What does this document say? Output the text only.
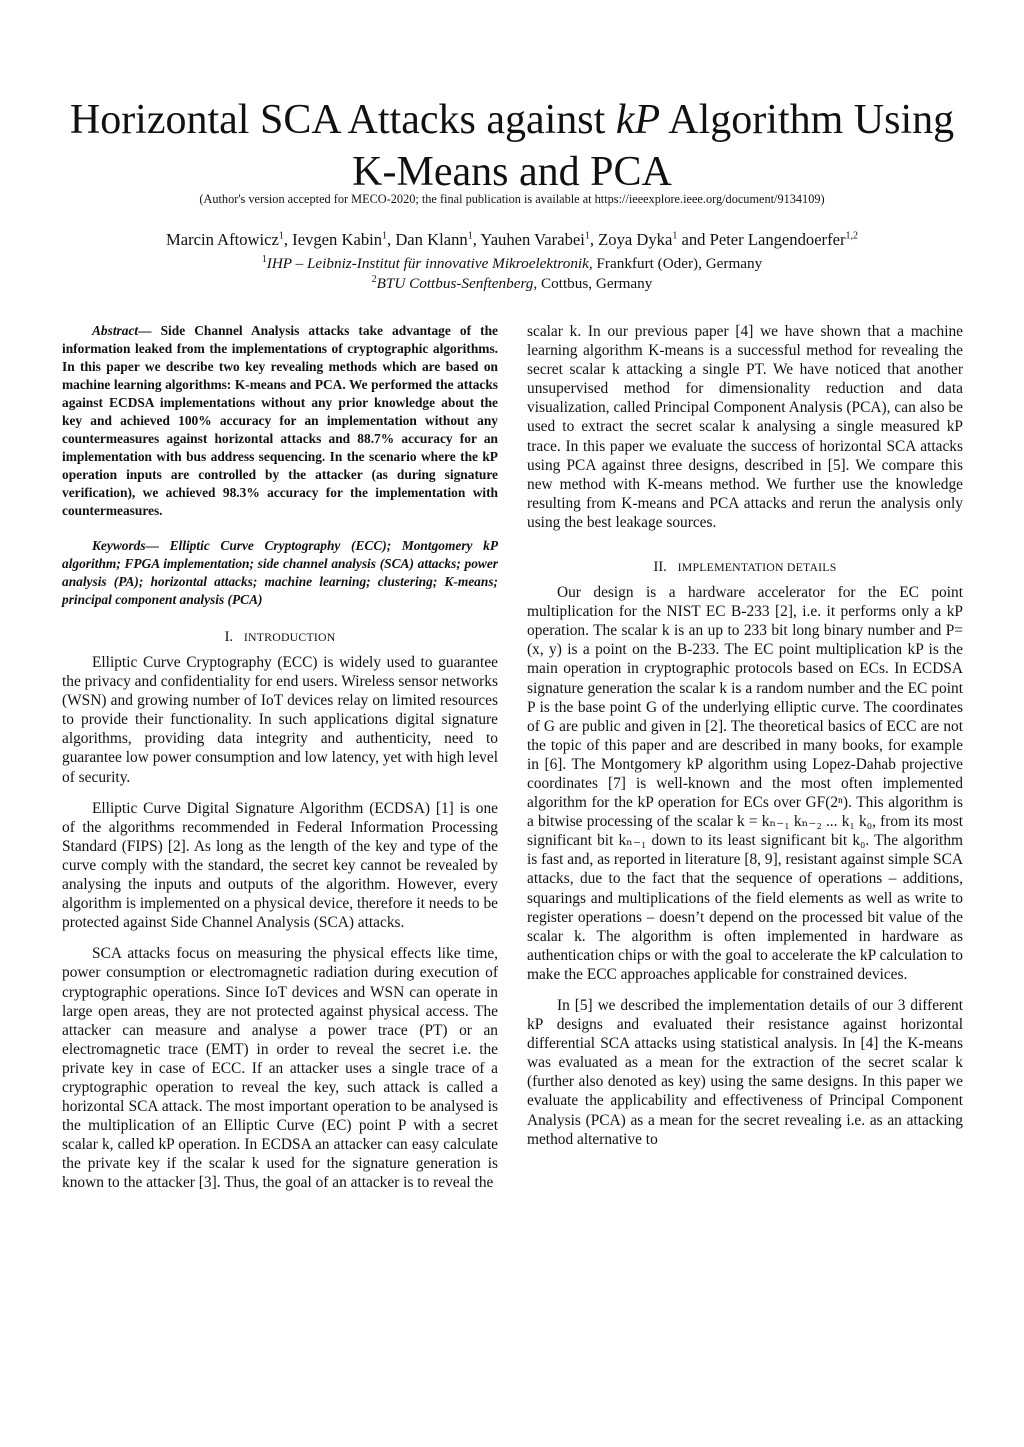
Horizontal SCA Attacks against kP Algorithm Using
K-Means and PCA
(Author's version accepted for MECO-2020; the final publication is available at https://ieeexplore.ieee.org/document/9134109)
Marcin Aftowicz$^1$, Ievgen Kabin$^1$, Dan Klann$^1$, Yauhen Varabei$^1$, Zoya Dyka$^1$ and Peter Langendoerfer$^{1,2}$
$^1$IHP – Leibniz-Institut für innovative Mikroelektronik, Frankfurt (Oder), Germany
$^2$BTU Cottbus-Senftenberg, Cottbus, Germany

Abstract— Side Channel Analysis attacks take advantage of the information leaked from the implementations of cryptographic algorithms. In this paper we describe two key revealing methods which are based on machine learning algorithms: K-means and PCA. We performed the attacks against ECDSA implementations without any prior knowledge about the key and achieved 100% accuracy for an implementation without any countermeasures against horizontal attacks and 88.7% accuracy for an implementation with bus address sequencing. In the scenario where the kP operation inputs are controlled by the attacker (as during signature verification), we achieved 98.3% accuracy for the implementation with countermeasures.

Keywords— Elliptic Curve Cryptography (ECC); Montgomery kP algorithm; FPGA implementation; side channel analysis (SCA) attacks; power analysis (PA); horizontal attacks; machine learning; clustering; K-means; principal component analysis (PCA)

I. INTRODUCTION

Elliptic Curve Cryptography (ECC) is widely used to guarantee the privacy and confidentiality for end users. Wireless sensor networks (WSN) and growing number of IoT devices relay on limited resources to provide their functionality. In such applications digital signature algorithms, providing data integrity and authenticity, need to guarantee low power consumption and low latency, yet with high level of security.

Elliptic Curve Digital Signature Algorithm (ECDSA) [1] is one of the algorithms recommended in Federal Information Processing Standard (FIPS) [2]. As long as the length of the key and type of the curve comply with the standard, the secret key cannot be revealed by analysing the inputs and outputs of the algorithm. However, every algorithm is implemented on a physical device, therefore it needs to be protected against Side Channel Analysis (SCA) attacks.

SCA attacks focus on measuring the physical effects like time, power consumption or electromagnetic radiation during execution of cryptographic operations. Since IoT devices and WSN can operate in large open areas, they are not protected against physical access. The attacker can measure and analyse a power trace (PT) or an electromagnetic trace (EMT) in order to reveal the secret i.e. the private key in case of ECC. If an attacker uses a single trace of a cryptographic operation to reveal the key, such attack is called a horizontal SCA attack. The most important operation to be analysed is the multiplication of an Elliptic Curve (EC) point P with a secret scalar k, called kP operation. In ECDSA an attacker can easy calculate the private key if the scalar k used for the signature generation is known to the attacker [3]. Thus, the goal of an attacker is to reveal the

scalar k. In our previous paper [4] we have shown that a machine learning algorithm K-means is a successful method for revealing the secret scalar k attacking a single PT. We have noticed that another unsupervised method for dimensionality reduction and data visualization, called Principal Component Analysis (PCA), can also be used to extract the secret scalar k analysing a single measured kP trace. In this paper we evaluate the success of horizontal SCA attacks using PCA against three designs, described in [5]. We compare this new method with K-means method. We further use the knowledge resulting from K-means and PCA attacks and rerun the analysis only using the best leakage sources.

II. IMPLEMENTATION DETAILS

Our design is a hardware accelerator for the EC point multiplication for the NIST EC B-233 [2], i.e. it performs only a kP operation. The scalar k is an up to 233 bit long binary number and P=(x, y) is a point on the B-233. The EC point multiplication kP is the main operation in cryptographic protocols based on ECs. In ECDSA signature generation the scalar k is a random number and the EC point P is the base point G of the underlying elliptic curve. The coordinates of G are public and given in [2]. The theoretical basics of ECC are not the topic of this paper and are described in many books, for example in [6]. The Montgomery kP algorithm using Lopez-Dahab projective coordinates [7] is well-known and the most often implemented algorithm for the kP operation for ECs over GF(2ⁿ). This algorithm is a bitwise processing of the scalar k = kₙ₋₁ kₙ₋₂ ... k₁ k₀, from its most significant bit kₙ₋₁ down to its least significant bit k₀. The algorithm is fast and, as reported in literature [8, 9], resistant against simple SCA attacks, due to the fact that the sequence of operations – additions, squarings and multiplications of the field elements as well as write to register operations – doesn’t depend on the processed bit value of the scalar k. The algorithm is often implemented in hardware as authentication chips or with the goal to accelerate the kP calculation to make the ECC approaches applicable for constrained devices.

In [5] we described the implementation details of our 3 different kP designs and evaluated their resistance against horizontal differential SCA attacks using statistical analysis. In [4] the K-means was evaluated as a mean for the extraction of the secret scalar k (further also denoted as key) using the same designs. In this paper we evaluate the applicability and effectiveness of Principal Component Analysis (PCA) as a mean for the secret revealing i.e. as an attacking method alternative to
